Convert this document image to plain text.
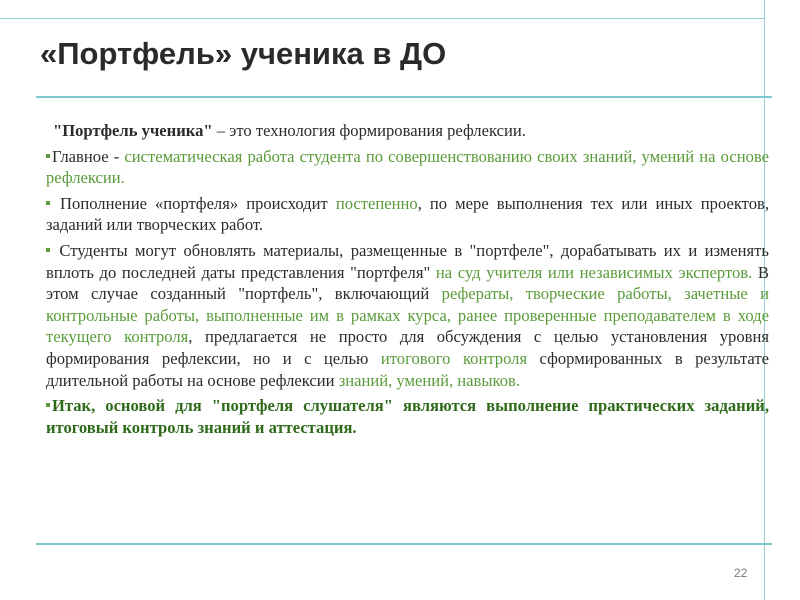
«Портфель» ученика в ДО

"Портфель ученика" – это технология формирования рефлексии.

Главное - систематическая работа студента по совершенствованию своих знаний, умений на основе рефлексии.

Пополнение «портфеля» происходит постепенно, по мере выполнения тех или иных проектов, заданий или творческих работ.

Студенты могут обновлять материалы, размещенные в "портфеле", дорабатывать их и изменять вплоть до последней даты представления "портфеля" на суд учителя или независимых экспертов. В этом случае созданный "портфель", включающий рефераты, творческие работы, зачетные и контрольные работы, выполненные им в рамках курса, ранее проверенные преподавателем в ходе текущего контроля, предлагается не просто для обсуждения с целью установления уровня формирования рефлексии, но и с целью итогового контроля сформированных в результате длительной работы на основе рефлексии знаний, умений, навыков.

Итак, основой для "портфеля слушателя" являются выполнение практических заданий, итоговый контроль знаний и аттестация.

22
